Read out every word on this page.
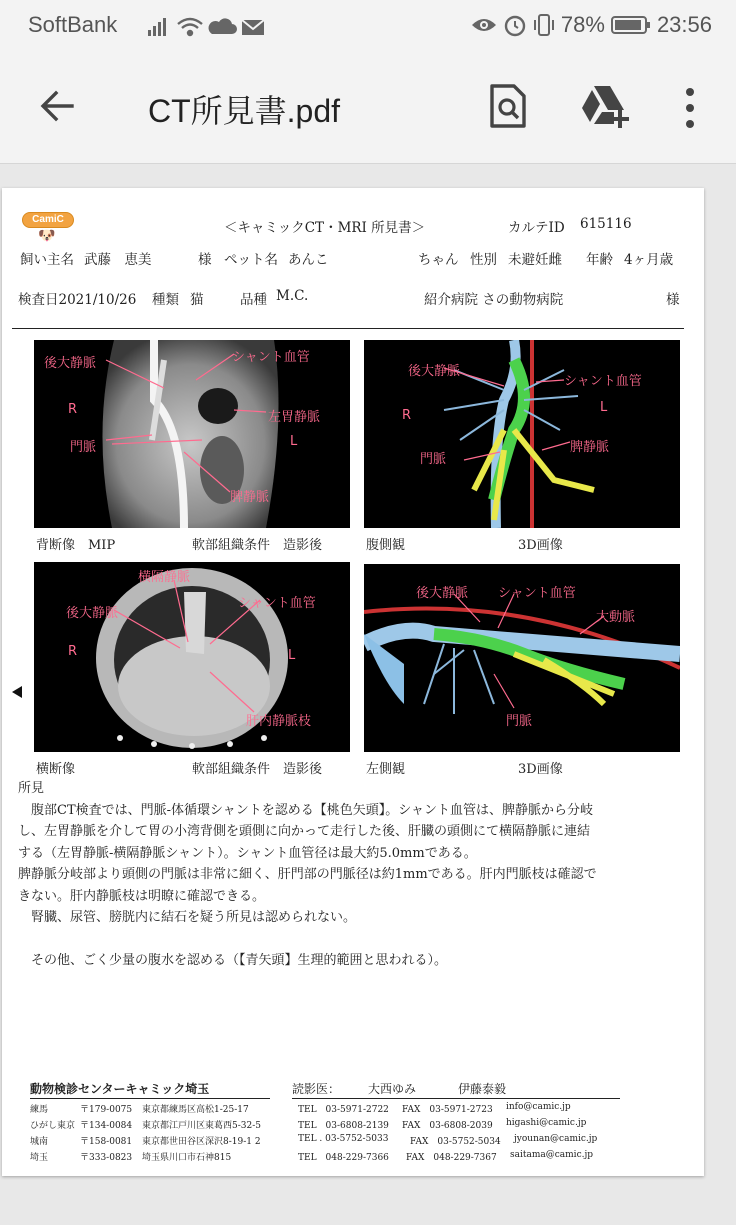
SoftBank	78% 23:56
CT所見書.pdf
CamiC
🐶	＜キャミックCT・MRI 所見書＞	カルテID 615116
飼い主名 武藤　恵美	様 ペット名 あんこ	ちゃん 性別 未避妊雌 年齢 4ヶ月歳
検査日2021/10/26 種類 猫	品種 M.C.	紹介病院 さの動物病院	様
後大静脈	シャント血管
R
左胃静脈
門脈	L
脾静脈
背断像　MIP	軟部組織条件　造影後
後大静脈
シャント血管
R
L
門脈
脾静脈
腹側観	3D画像
横隔静脈
後大静脈
シャント血管
R	L
肝内静脈枝
横断像	軟部組織条件　造影後
後大静脈 シャント血管
大動脈
門脈
左側観	3D画像

所見

　腹部CT検査では、門脈-体循環シャントを認める【桃色矢頭】。シャント血管は、脾静脈から分岐

し、左胃静脈を介して胃の小湾背側を頭側に向かって走行した後、肝臓の頭側にて横隔静脈に連結

する（左胃静脈-横隔静脈シャント）。シャント血管径は最大約5.0mmである。

脾静脈分岐部より頭側の門脈は非常に細く、肝門部の門脈径は約1mmである。肝内門脈枝は確認で

きない。肝内静脈枝は明瞭に確認できる。

　腎臓、尿管、膀胱内に結石を疑う所見は認められない。

　その他、ごく少量の腹水を認める（【青矢頭】生理的範囲と思われる）。

動物検診センターキャミック埼玉	読影医： 大西ゆみ	伊藤泰毅
練馬	〒179-0075 東京都練馬区高松1-25-17	TEL　03-5971-2722 FAX　03-5971-2723 info@camic.jp
ひがし東京 〒134-0084 東京都江戸川区東葛西5-32-5	TEL　03-6808-2139 FAX　03-6808-2039 higashi@camic.jp
城南	〒158-0081 東京都世田谷区深沢8-19-1 2	TEL . 03-5752-5033 FAX　03-5752-5034 jyounan@camic.jp
埼玉	〒333-0823 埼玉県川口市石神815	TEL　048-229-7366 FAX　048-229-7367 saitama@camic.jp
